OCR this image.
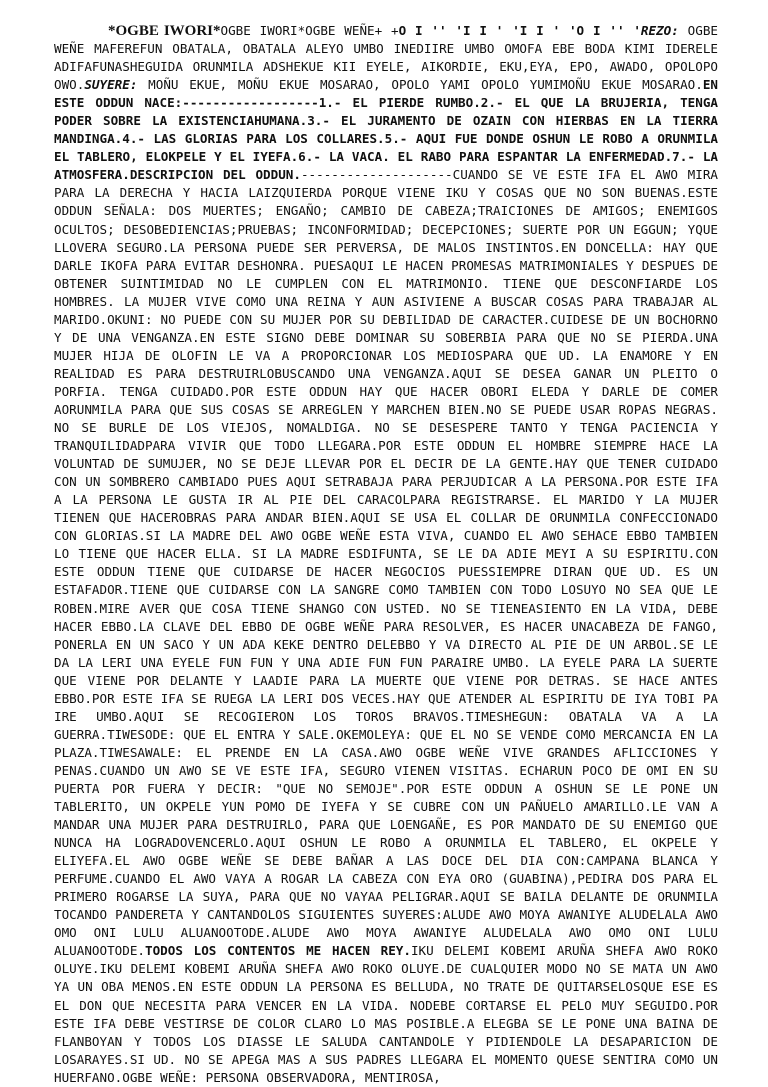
*OGBE IWORI*OGBE IWORI*OGBE WEÑE+ +O I '' 'I I ' 'I I ' 'O I '' 'REZO: OGBE WEÑE MAFEREFUN OBATALA, OBATALA ALEYO UMBO INEDIIRE UMBO OMOFA EBE BODA KIMI IDERELE ADIFAFUNASHEGUIDA ORUNMILA ADSHEKUE KII EYELE, AIKORDIE, EKU,EYA, EPO, AWADO, OPOLOPO OWO.SUYERE: MOÑU EKUE, MOÑU EKUE MOSARAO, OPOLO YAMI OPOLO YUMIMOÑU EKUE MOSARAO.EN ESTE ODDUN NACE:------------------1.- EL PIERDE RUMBO.2.- EL QUE LA BRUJERIA, TENGA PODER SOBRE LA EXISTENCIAHUMANA.3.- EL JURAMENTO DE OZAIN CON HIERBAS EN LA TIERRA MANDINGA.4.- LAS GLORIAS PARA LOS COLLARES.5.- AQUI FUE DONDE OSHUN LE ROBO A ORUNMILA EL TABLERO, ELOKPELE Y EL IYEFA.6.- LA VACA. EL RABO PARA ESPANTAR LA ENFERMEDAD.7.- LA ATMOSFERA.DESCRIPCION DEL ODDUN.--------------------CUANDO SE VE ESTE IFA EL AWO MIRA PARA LA DERECHA Y HACIA LAIZQUIERDA PORQUE VIENE IKU Y COSAS QUE NO SON BUENAS.ESTE ODDUN SEÑALA: DOS MUERTES; ENGAÑO; CAMBIO DE CABEZA;TRAICIONES DE AMIGOS; ENEMIGOS OCULTOS; DESOBEDIENCIAS;PRUEBAS; INCONFORMIDAD; DECEPCIONES; SUERTE POR UN EGGUN; YQUE LLOVERA SEGURO.LA PERSONA PUEDE SER PERVERSA, DE MALOS INSTINTOS.EN DONCELLA: HAY QUE DARLE IKOFA PARA EVITAR DESHONRA. PUESAQUI LE HACEN PROMESAS MATRIMONIALES Y DESPUES DE OBTENER SUINTIMIDAD NO LE CUMPLEN CON EL MATRIMONIO. TIENE QUE DESCONFIARDE LOS HOMBRES. LA MUJER VIVE COMO UNA REINA Y AUN ASIVIENE A BUSCAR COSAS PARA TRABAJAR AL MARIDO.OKUNI: NO PUEDE CON SU MUJER POR SU DEBILIDAD DE CARACTER.CUIDESE DE UN BOCHORNO Y DE UNA VENGANZA.EN ESTE SIGNO DEBE DOMINAR SU SOBERBIA PARA QUE NO SE PIERDA.UNA MUJER HIJA DE OLOFIN LE VA A PROPORCIONAR LOS MEDIOSPARA QUE UD. LA ENAMORE Y EN REALIDAD ES PARA DESTRUIRLOBUSCANDO UNA VENGANZA.AQUI SE DESEA GANAR UN PLEITO O PORFIA. TENGA CUIDADO.POR ESTE ODDUN HAY QUE HACER OBORI ELEDA Y DARLE DE COMER AORUNMILA PARA QUE SUS COSAS SE ARREGLEN Y MARCHEN BIEN.NO SE PUEDE USAR ROPAS NEGRAS. NO SE BURLE DE LOS VIEJOS, NOMALDIGA. NO SE DESESPERE TANTO Y TENGA PACIENCIA Y TRANQUILIDADPARA VIVIR QUE TODO LLEGARA.POR ESTE ODDUN EL HOMBRE SIEMPRE HACE LA VOLUNTAD DE SUMUJER, NO SE DEJE LLEVAR POR EL DECIR DE LA GENTE.HAY QUE TENER CUIDADO CON UN SOMBRERO CAMBIADO PUES AQUI SETRABAJA PARA PERJUDICAR A LA PERSONA.POR ESTE IFA A LA PERSONA LE GUSTA IR AL PIE DEL CARACOLPARA REGISTRARSE. EL MARIDO Y LA MUJER TIENEN QUE HACEROBRAS PARA ANDAR BIEN.AQUI SE USA EL COLLAR DE ORUNMILA CONFECCIONADO CON GLORIAS.SI LA MADRE DEL AWO OGBE WEÑE ESTA VIVA, CUANDO EL AWO SEHACE EBBO TAMBIEN LO TIENE QUE HACER ELLA. SI LA MADRE ESDIFUNTA, SE LE DA ADIE MEYI A SU ESPIRITU.CON ESTE ODDUN TIENE QUE CUIDARSE DE HACER NEGOCIOS PUESSIEMPRE DIRAN QUE UD. ES UN ESTAFADOR.TIENE QUE CUIDARSE CON LA SANGRE COMO TAMBIEN CON TODO LOSUYO NO SEA QUE LE ROBEN.MIRE AVER QUE COSA TIENE SHANGO CON USTED. NO SE TIENEASIENTO EN LA VIDA, DEBE HACER EBBO.LA CLAVE DEL EBBO DE OGBE WEÑE PARA RESOLVER, ES HACER UNACABEZA DE FANGO, PONERLA EN UN SACO Y UN ADA KEKE DENTRO DELEBBO Y VA DIRECTO AL PIE DE UN ARBOL.SE LE DA LA LERI UNA EYELE FUN FUN Y UNA ADIE FUN FUN PARAIRE UMBO. LA EYELE PARA LA SUERTE QUE VIENE POR DELANTE Y LAADIE PARA LA MUERTE QUE VIENE POR DETRAS. SE HACE ANTES EBBO.POR ESTE IFA SE RUEGA LA LERI DOS VECES.HAY QUE ATENDER AL ESPIRITU DE IYA TOBI PA IRE UMBO.AQUI SE RECOGIERON LOS TOROS BRAVOS.TIMESHEGUN: OBATALA VA A LA GUERRA.TIWESODE: QUE EL ENTRA Y SALE.OKEMOLEYA: QUE EL NO SE VENDE COMO MERCANCIA EN LA PLAZA.TIWESAWALE: EL PRENDE EN LA CASA.AWO OGBE WEÑE VIVE GRANDES AFLICCIONES Y PENAS.CUANDO UN AWO SE VE ESTE IFA, SEGURO VIENEN VISITAS. ECHARUN POCO DE OMI EN SU PUERTA POR FUERA Y DECIR: "QUE NO SEMOJE".POR ESTE ODDUN A OSHUN SE LE PONE UN TABLERITO, UN OKPELE YUN POMO DE IYEFA Y SE CUBRE CON UN PAÑUELO AMARILLO.LE VAN A MANDAR UNA MUJER PARA DESTRUIRLO, PARA QUE LOENGAÑE, ES POR MANDATO DE SU ENEMIGO QUE NUNCA HA LOGRADOVENCERLO.AQUI OSHUN LE ROBO A ORUNMILA EL TABLERO, EL OKPELE Y ELIYEFA.EL AWO OGBE WEÑE SE DEBE BAÑAR A LAS DOCE DEL DIA CON:CAMPANA BLANCA Y PERFUME.CUANDO EL AWO VAYA A ROGAR LA CABEZA CON EYA ORO (GUABINA),PEDIRA DOS PARA EL PRIMERO ROGARSE LA SUYA, PARA QUE NO VAYAA PELIGRAR.AQUI SE BAILA DELANTE DE ORUNMILA TOCANDO PANDERETA Y CANTANDOLOS SIGUIENTES SUYERES:ALUDE AWO MOYA AWANIYE ALUDELALA AWO OMO ONI LULU ALUANOOTODE.ALUDE AWO MOYA AWANIYE ALUDELALA AWO OMO ONI LULU ALUANOOTODE.TODOS LOS CONTENTOS ME HACEN REY.IKU DELEMI KOBEMI ARUÑA SHEFA AWO ROKO OLUYE.IKU DELEMI KOBEMI ARUÑA SHEFA AWO ROKO OLUYE.DE CUALQUIER MODO NO SE MATA UN AWO YA UN OBA MENOS.EN ESTE ODDUN LA PERSONA ES BELLUDA, NO TRATE DE QUITARSELOSQUE ESE ES EL DON QUE NECESITA PARA VENCER EN LA VIDA. NODEBE CORTARSE EL PELO MUY SEGUIDO.POR ESTE IFA DEBE VESTIRSE DE COLOR CLARO LO MAS POSIBLE.A ELEGBA SE LE PONE UNA BAINA DE FLANBOYAN Y TODOS LOS DIASSE LE SALUDA CANTANDOLE Y PIDIENDOLE LA DESAPARICION DE LOSARAYES.SI UD. NO SE APEGA MAS A SUS PADRES LLEGARA EL MOMENTO QUESE SENTIRA COMO UN HUERFANO.OGBE WEÑE: PERSONA OBSERVADORA, MENTIROSA,
